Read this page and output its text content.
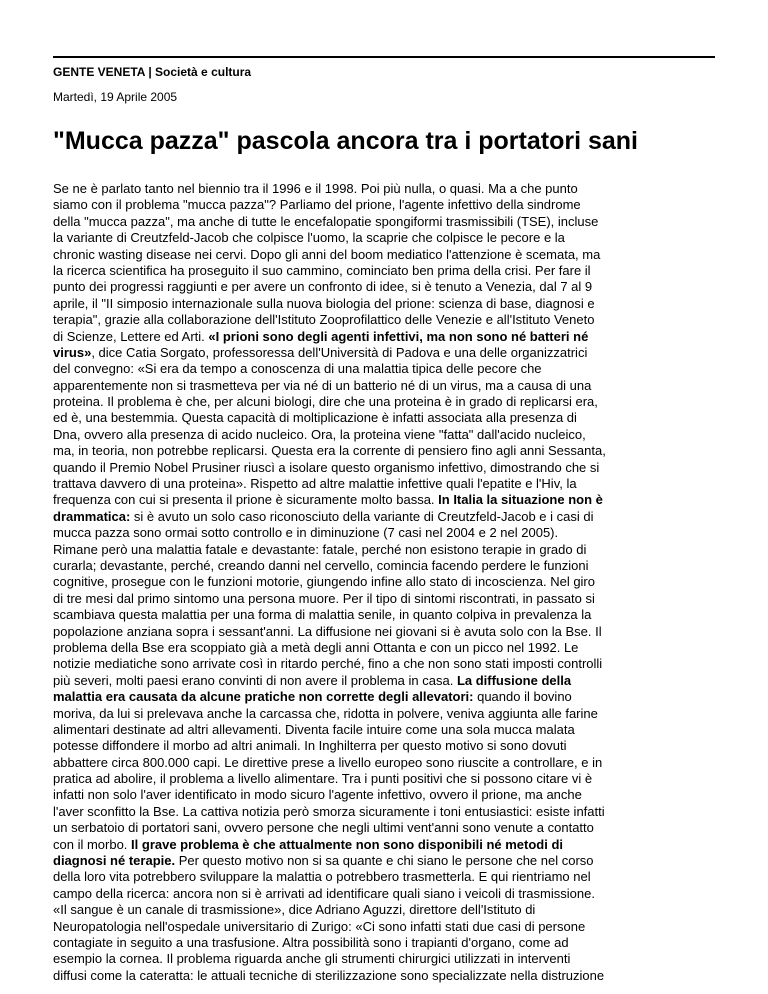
GENTE VENETA | Società e cultura
Martedì, 19 Aprile 2005
"Mucca pazza" pascola ancora tra i portatori sani
Se ne è parlato tanto nel biennio tra il 1996 e il 1998. Poi più nulla, o quasi. Ma a che punto
siamo con il problema "mucca pazza"? Parliamo del prione, l'agente infettivo della sindrome
della "mucca pazza", ma anche di tutte le encefalopatie spongiformi trasmissibili (TSE), incluse
la variante di Creutzfeld-Jacob che colpisce l'uomo, la scaprie che colpisce le pecore e la
chronic wasting disease nei cervi. Dopo gli anni del boom mediatico l'attenzione è scemata, ma
la ricerca scientifica ha proseguito il suo cammino, cominciato ben prima della crisi. Per fare il
punto dei progressi raggiunti e per avere un confronto di idee, si è tenuto a Venezia, dal 7 al 9
aprile, il "II simposio internazionale sulla nuova biologia del prione: scienza di base, diagnosi e
terapia", grazie alla collaborazione dell'Istituto Zooprofilattico delle Venezie e all'Istituto Veneto
di Scienze, Lettere ed Arti. «I prioni sono degli agenti infettivi, ma non sono né batteri né
virus», dice Catia Sorgato, professoressa dell'Università di Padova e una delle organizzatrici
del convegno: «Si era da tempo a conoscenza di una malattia tipica delle pecore che
apparentemente non si trasmetteva per via né di un batterio né di un virus, ma a causa di una
proteina. Il problema è che, per alcuni biologi, dire che una proteina è in grado di replicarsi era,
ed è, una bestemmia. Questa capacità di moltiplicazione è infatti associata alla presenza di
Dna, ovvero alla presenza di acido nucleico. Ora, la proteina viene "fatta" dall'acido nucleico,
ma, in teoria, non potrebbe replicarsi. Questa era la corrente di pensiero fino agli anni Sessanta,
quando il Premio Nobel Prusiner riuscì a isolare questo organismo infettivo, dimostrando che si
trattava davvero di una proteina». Rispetto ad altre malattie infettive quali l'epatite e l'Hiv, la
frequenza con cui si presenta il prione è sicuramente molto bassa. In Italia la situazione non è
drammatica: si è avuto un solo caso riconosciuto della variante di Creutzfeld-Jacob e i casi di
mucca pazza sono ormai sotto controllo e in diminuzione (7 casi nel 2004 e 2 nel 2005).
Rimane però una malattia fatale e devastante: fatale, perché non esistono terapie in grado di
curarla; devastante, perché, creando danni nel cervello, comincia facendo perdere le funzioni
cognitive, prosegue con le funzioni motorie, giungendo infine allo stato di incoscienza. Nel giro
di tre mesi dal primo sintomo una persona muore. Per il tipo di sintomi riscontrati, in passato si
scambiava questa malattia per una forma di malattia senile, in quanto colpiva in prevalenza la
popolazione anziana sopra i sessant'anni. La diffusione nei giovani si è avuta solo con la Bse. Il
problema della Bse era scoppiato già a metà degli anni Ottanta e con un picco nel 1992. Le
notizie mediatiche sono arrivate così in ritardo perché, fino a che non sono stati imposti controlli
più severi, molti paesi erano convinti di non avere il problema in casa. La diffusione della
malattia era causata da alcune pratiche non corrette degli allevatori: quando il bovino
moriva, da lui si prelevava anche la carcassa che, ridotta in polvere, veniva aggiunta alle farine
alimentari destinate ad altri allevamenti. Diventa facile intuire come una sola mucca malata
potesse diffondere il morbo ad altri animali. In Inghilterra per questo motivo si sono dovuti
abbattere circa 800.000 capi. Le direttive prese a livello europeo sono riuscite a controllare, e in
pratica ad abolire, il problema a livello alimentare. Tra i punti positivi che si possono citare vi è
infatti non solo l'aver identificato in modo sicuro l'agente infettivo, ovvero il prione, ma anche
l'aver sconfitto la Bse. La cattiva notizia però smorza sicuramente i toni entusiastici: esiste infatti
un serbatoio di portatori sani, ovvero persone che negli ultimi vent'anni sono venute a contatto
con il morbo. Il grave problema è che attualmente non sono disponibili né metodi di
diagnosi né terapie. Per questo motivo non si sa quante e chi siano le persone che nel corso
della loro vita potrebbero sviluppare la malattia o potrebbero trasmetterla. E qui rientriamo nel
campo della ricerca: ancora non si è arrivati ad identificare quali siano i veicoli di trasmissione.
«Il sangue è un canale di trasmissione», dice Adriano Aguzzi, direttore dell'Istituto di
Neuropatologia nell'ospedale universitario di Zurigo: «Ci sono infatti stati due casi di persone
contagiate in seguito a una trasfusione. Altra possibilità sono i trapianti d'organo, come ad
esempio la cornea. Il problema riguarda anche gli strumenti chirurgici utilizzati in interventi
diffusi come la cateratta: le attuali tecniche di sterilizzazione sono specializzate nella distruzione
